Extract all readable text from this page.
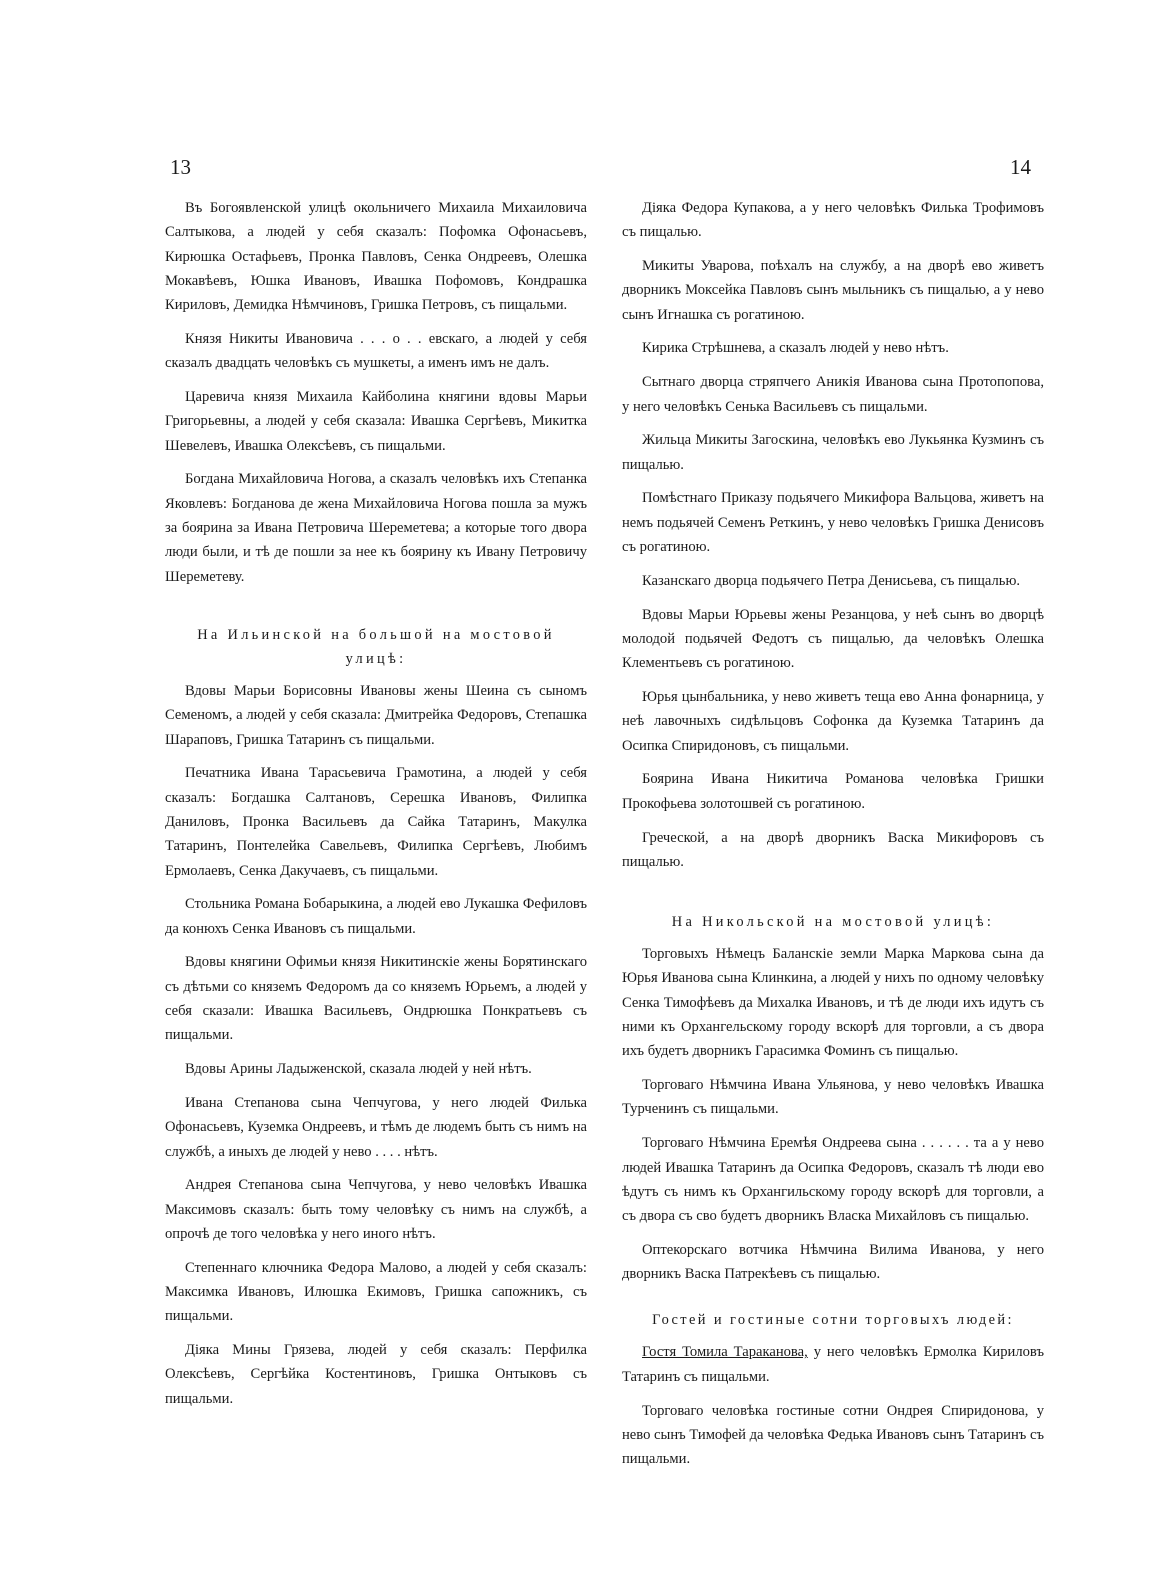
13	14

Въ Богоявленской улицѣ окольничего Михаила Михаиловича Салтыкова, а людей у себя сказалъ: Пофомка Офонасьевъ, Кирюшка Остафьевъ, Пронка Павловъ, Сенка Ондреевъ, Олешка Мокавѣевъ, Юшка Ивановъ, Ивашка Пофомовъ, Кондрашка Кириловъ, Демидка Нѣмчиновъ, Гришка Петровъ, съ пищальми.

Князя Никиты Ивановича . . . о . . евскаго, а людей у себя сказалъ двадцать человѣкъ съ мушкеты, а именъ имъ не далъ.

Царевича князя Михаила Кайболина княгини вдовы Марьи Григорьевны, а людей у себя сказала: Ивашка Сергѣевъ, Микитка Шевелевъ, Ивашка Олексѣевъ, съ пищальми.

Богдана Михайловича Ногова, а сказалъ человѣкъ ихъ Степанка Яковлевъ: Богданова де жена Михайловича Ногова пошла за мужъ за боярина за Ивана Петровича Шереметева; а которые того двора люди были, и тѣ де пошли за нее къ боярину къ Ивану Петровичу Шереметеву.

На Ильинской на большой на мостовой улицѣ:

Вдовы Марьи Борисовны Ивановы жены Шеина съ сыномъ Семеномъ, а людей у себя сказала: Дмитрейка Федоровъ, Степашка Шараповъ, Гришка Татаринъ съ пищальми.

Печатника Ивана Тарасьевича Грамотина, а людей у себя сказалъ: Богдашка Салтановъ, Серешка Ивановъ, Филипка Даниловъ, Пронка Васильевъ да Сайка Татаринъ, Макулка Татаринъ, Понтелейка Савельевъ, Филипка Сергѣевъ, Любимъ Ермолаевъ, Сенка Дакучаевъ, съ пищальми.

Стольника Романа Бобарыкина, а людей ево Лукашка Фефиловъ да конюхъ Сенка Ивановъ съ пищальми.

Вдовы княгини Офимьи князя Никитинскіе жены Борятинскаго съ дѣтьми со княземъ Федоромъ да со княземъ Юрьемъ, а людей у себя сказали: Ивашка Васильевъ, Ондрюшка Понкратьевъ съ пищальми.

Вдовы Арины Ладыженской, сказала людей у ней нѣтъ.

Ивана Степанова сына Чепчугова, у него людей Филька Офонасьевъ, Куземка Ондреевъ, и тѣмъ де людемъ быть съ нимъ на службѣ, а иныхъ де людей у нево . . . . нѣтъ.

Андрея Степанова сына Чепчугова, у нево человѣкъ Ивашка Максимовъ сказалъ: быть тому человѣку съ нимъ на службѣ, а опрочѣ де того человѣка у него иного нѣтъ.

Степеннаго ключника Федора Малово, а людей у себя сказалъ: Максимка Ивановъ, Илюшка Екимовъ, Гришка сапожникъ, съ пищальми.

Діяка Мины Грязева, людей у себя сказалъ: Перфилка Олексѣевъ, Сергѣйка Костентиновъ, Гришка Онтыковъ съ пищальми.

Діяка Федора Купакова, а у него человѣкъ Филька Трофимовъ съ пищалью.

Микиты Уварова, поѣхалъ на службу, а на дворѣ ево живетъ дворникъ Моксейка Павловъ сынъ мыльникъ съ пищалью, а у нево сынъ Игнашка съ рогатиною.

Кирика Стрѣшнева, а сказалъ людей у нево нѣтъ.

Сытнаго дворца стряпчего Аникія Иванова сына Протопопова, у него человѣкъ Сенька Васильевъ съ пищальми.

Жильца Микиты Загоскина, человѣкъ ево Лукьянка Кузминъ съ пищалью.

Помѣстнаго Приказу подьячего Микифора Вальцова, живетъ на немъ подьячей Семенъ Реткинъ, у нево человѣкъ Гришка Денисовъ съ рогатиною.

Казанскаго дворца подьячего Петра Денисьева, съ пищалью.

Вдовы Марьи Юрьевы жены Резанцова, у неѣ сынъ во дворцѣ молодой подьячей Федотъ съ пищалью, да человѣкъ Олешка Клементьевъ съ рогатиною.

Юрья цынбальника, у нево живетъ теща ево Анна фонарница, у неѣ лавочныхъ сидѣльцовъ Софонка да Куземка Татаринъ да Осипка Спиридоновъ, съ пищальми.

Боярина Ивана Никитича Романова человѣка Гришки Прокофьева золотошвей съ рогатиною.

Греческой, а на дворѣ дворникъ Васка Микифоровъ съ пищалью.

На Никольской на мостовой улицѣ:

Торговыхъ Нѣмецъ Баланскіе земли Марка Маркова сына да Юрья Иванова сына Клинкина, а людей у нихъ по одному человѣку Сенка Тимофѣевъ да Михалка Ивановъ, и тѣ де люди ихъ идутъ съ ними къ Орхангельскому городу вскорѣ для торговли, а съ двора ихъ будетъ дворникъ Гарасимка Фоминъ съ пищалью.

Торговаго Нѣмчина Ивана Ульянова, у нево человѣкъ Ивашка Турченинъ съ пищальми.

Торговаго Нѣмчина Еремѣя Ондреева сына . . . . . . та а у нево людей Ивашка Татаринъ да Осипка Федоровъ, сказалъ тѣ люди ево ѣдутъ съ нимъ къ Орхангильскому городу вскорѣ для торговли, а съ двора съ сво будетъ дворникъ Власка Михайловъ съ пищалью.

Оптекорскаго вотчика Нѣмчина Вилима Иванова, у него дворникъ Васка Патрекѣевъ съ пищалью.

Гостей и гостиные сотни торговыхъ людей:

Гостя Томила Тараканова, у него человѣкъ Ермолка Кириловъ Татаринъ съ пищальми.

Торговаго человѣка гостиные сотни Ондрея Спиридонова, у нево сынъ Тимофей да человѣка Федька Ивановъ сынъ Татаринъ съ пищальми.
